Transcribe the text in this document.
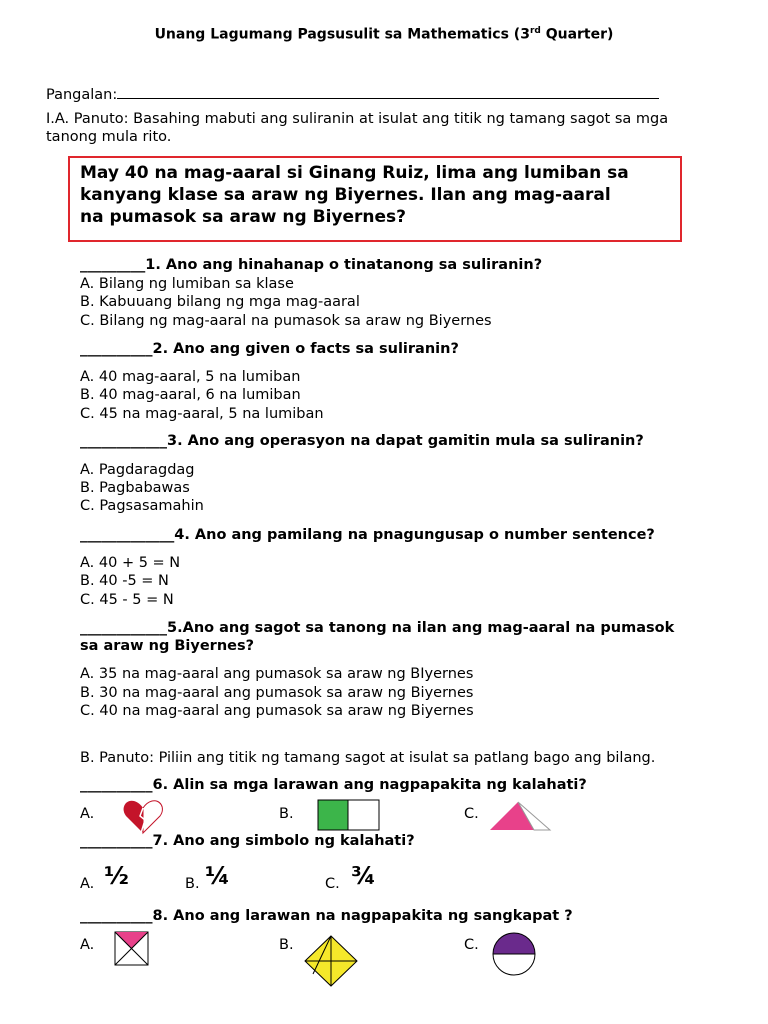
Unang Lagumang Pagsusulit sa Mathematics (3rd Quarter)
Pangalan:
I.A. Panuto: Basahing mabuti ang suliranin at isulat ang titik ng tamang sagot sa mga
tanong mula rito.
May 40 na mag-aaral si Ginang Ruiz, lima ang lumiban sa
kanyang klase sa araw ng Biyernes. Ilan ang mag-aaral
na pumasok sa araw ng Biyernes?
_________1. Ano ang hinahanap o tinatanong sa suliranin?
A. Bilang ng lumiban sa klase
B. Kabuuang bilang ng mga mag-aaral
C. Bilang ng mag-aaral na pumasok sa araw ng Biyernes
__________2. Ano ang given o facts sa suliranin?
A. 40 mag-aaral, 5 na lumiban
B. 40 mag-aaral, 6 na lumiban
C. 45 na mag-aaral, 5 na lumiban
____________3. Ano ang operasyon na dapat gamitin mula sa suliranin?
A. Pagdaragdag
B. Pagbabawas
C. Pagsasamahin
_____________4. Ano ang pamilang na pnagungusap o number sentence?
A. 40 + 5 = N
B. 40 -5 = N
C. 45 - 5 = N
____________5.Ano ang sagot sa tanong na ilan ang mag-aaral na pumasok
sa araw ng Biyernes?
A. 35 na mag-aaral ang pumasok sa araw ng BIyernes
B. 30 na mag-aaral ang pumasok sa araw ng Biyernes
C. 40 na mag-aaral ang pumasok sa araw ng Biyernes
B. Panuto: Piliin ang titik ng tamang sagot at isulat sa patlang bago ang bilang.
__________6. Alin sa mga larawan ang nagpapakita ng kalahati?
A.	B.	C.
__________7. Ano ang simbolo ng kalahati?
A. ½	B. ¼	C. ¾
__________8. Ano ang larawan na nagpapakita ng sangkapat ?
A.	B.	C.
